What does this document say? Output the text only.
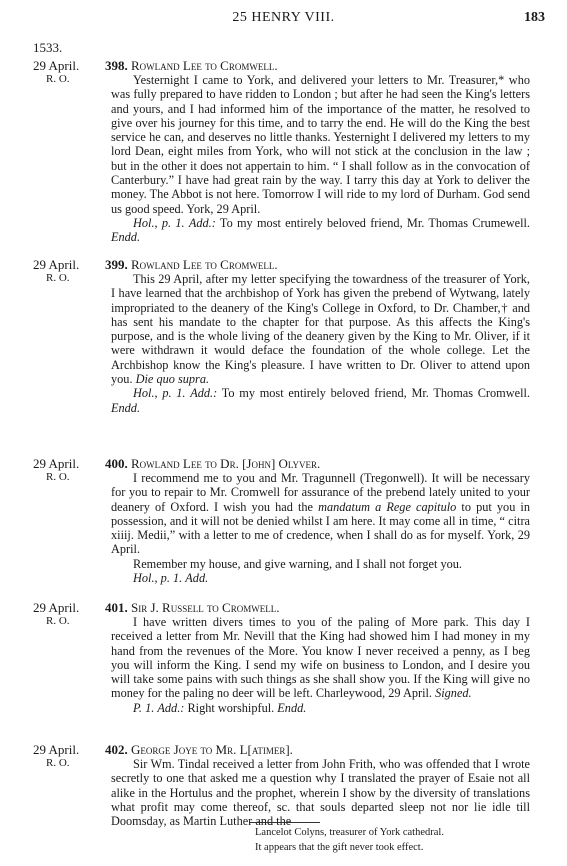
25 HENRY VIII.	183
1533.
29 April.
R. O.
398. Rowland Lee to Cromwell.

Yesternight I came to York, and delivered your letters to Mr. Treasurer,* who was fully prepared to have ridden to London ; but after he had seen the King's letters and yours, and I had informed him of the importance of the matter, he resolved to give over his journey for this time, and to tarry the end. He will do the King the best service he can, and deserves no little thanks. Yesternight I delivered my letters to my lord Dean, eight miles from York, who will not stick at the conclusion in the law ; but in the other it does not appertain to him. “ I shall follow as in the convocation of Canterbury.” I have had great rain by the way. I tarry this day at York to deliver the money. The Abbot is not here. Tomorrow I will ride to my lord of Durham. God send us good speed. York, 29 April.

Hol., p. 1. Add.: To my most entirely beloved friend, Mr. Thomas Crumewell. Endd.

29 April.
R. O.
399. Rowland Lee to Cromwell.

This 29 April, after my letter specifying the towardness of the treasurer of York, I have learned that the archbishop of York has given the prebend of Wytwang, lately impropriated to the deanery of the King's College in Oxford, to Dr. Chamber,† and has sent his mandate to the chapter for that purpose. As this affects the King's purpose, and is the whole living of the deanery given by the King to Mr. Oliver, if it were withdrawn it would deface the foundation of the whole college. Let the Archbishop know the King's pleasure. I have written to Dr. Oliver to attend upon you. Die quo supra.

Hol., p. 1. Add.: To my most entirely beloved friend, Mr. Thomas Cromwell. Endd.

29 April.
R. O.
400. Rowland Lee to Dr. [John] Olyver.

I recommend me to you and Mr. Tragunnell (Tregonwell). It will be necessary for you to repair to Mr. Cromwell for assurance of the prebend lately united to your deanery of Oxford. I wish you had the mandatum a Rege capitulo to put you in possession, and it will not be denied whilst I am here. It may come all in time, “ citra xiiij. Medii,” with a letter to me of credence, when I shall do as for myself. York, 29 April.

Remember my house, and give warning, and I shall not forget you.

Hol., p. 1. Add.

29 April.
R. O.
401. Sir J. Russell to Cromwell.

I have written divers times to you of the paling of More park. This day I received a letter from Mr. Nevill that the King had showed him I had money in my hand from the revenues of the More. You know I never received a penny, as I beg you will inform the King. I send my wife on business to London, and I desire you will take some pains with such things as she shall show you. If the King will give no money for the paling no deer will be left. Charleywood, 29 April. Signed.

P. 1. Add.: Right worshipful. Endd.

29 April.
R. O.
402. George Joye to Mr. L[atimer].

Sir Wm. Tindal received a letter from John Frith, who was offended that I wrote secretly to one that asked me a question why I translated the prayer of Esaie not all alike in the Hortulus and the prophet, wherein I show by the diversity of translations what profit may come thereof, sc. that souls departed sleep not nor lie idle till Doomsday, as Martin Luther and the

Lancelot Colyns, treasurer of York cathedral.
It appears that the gift never took effect.
